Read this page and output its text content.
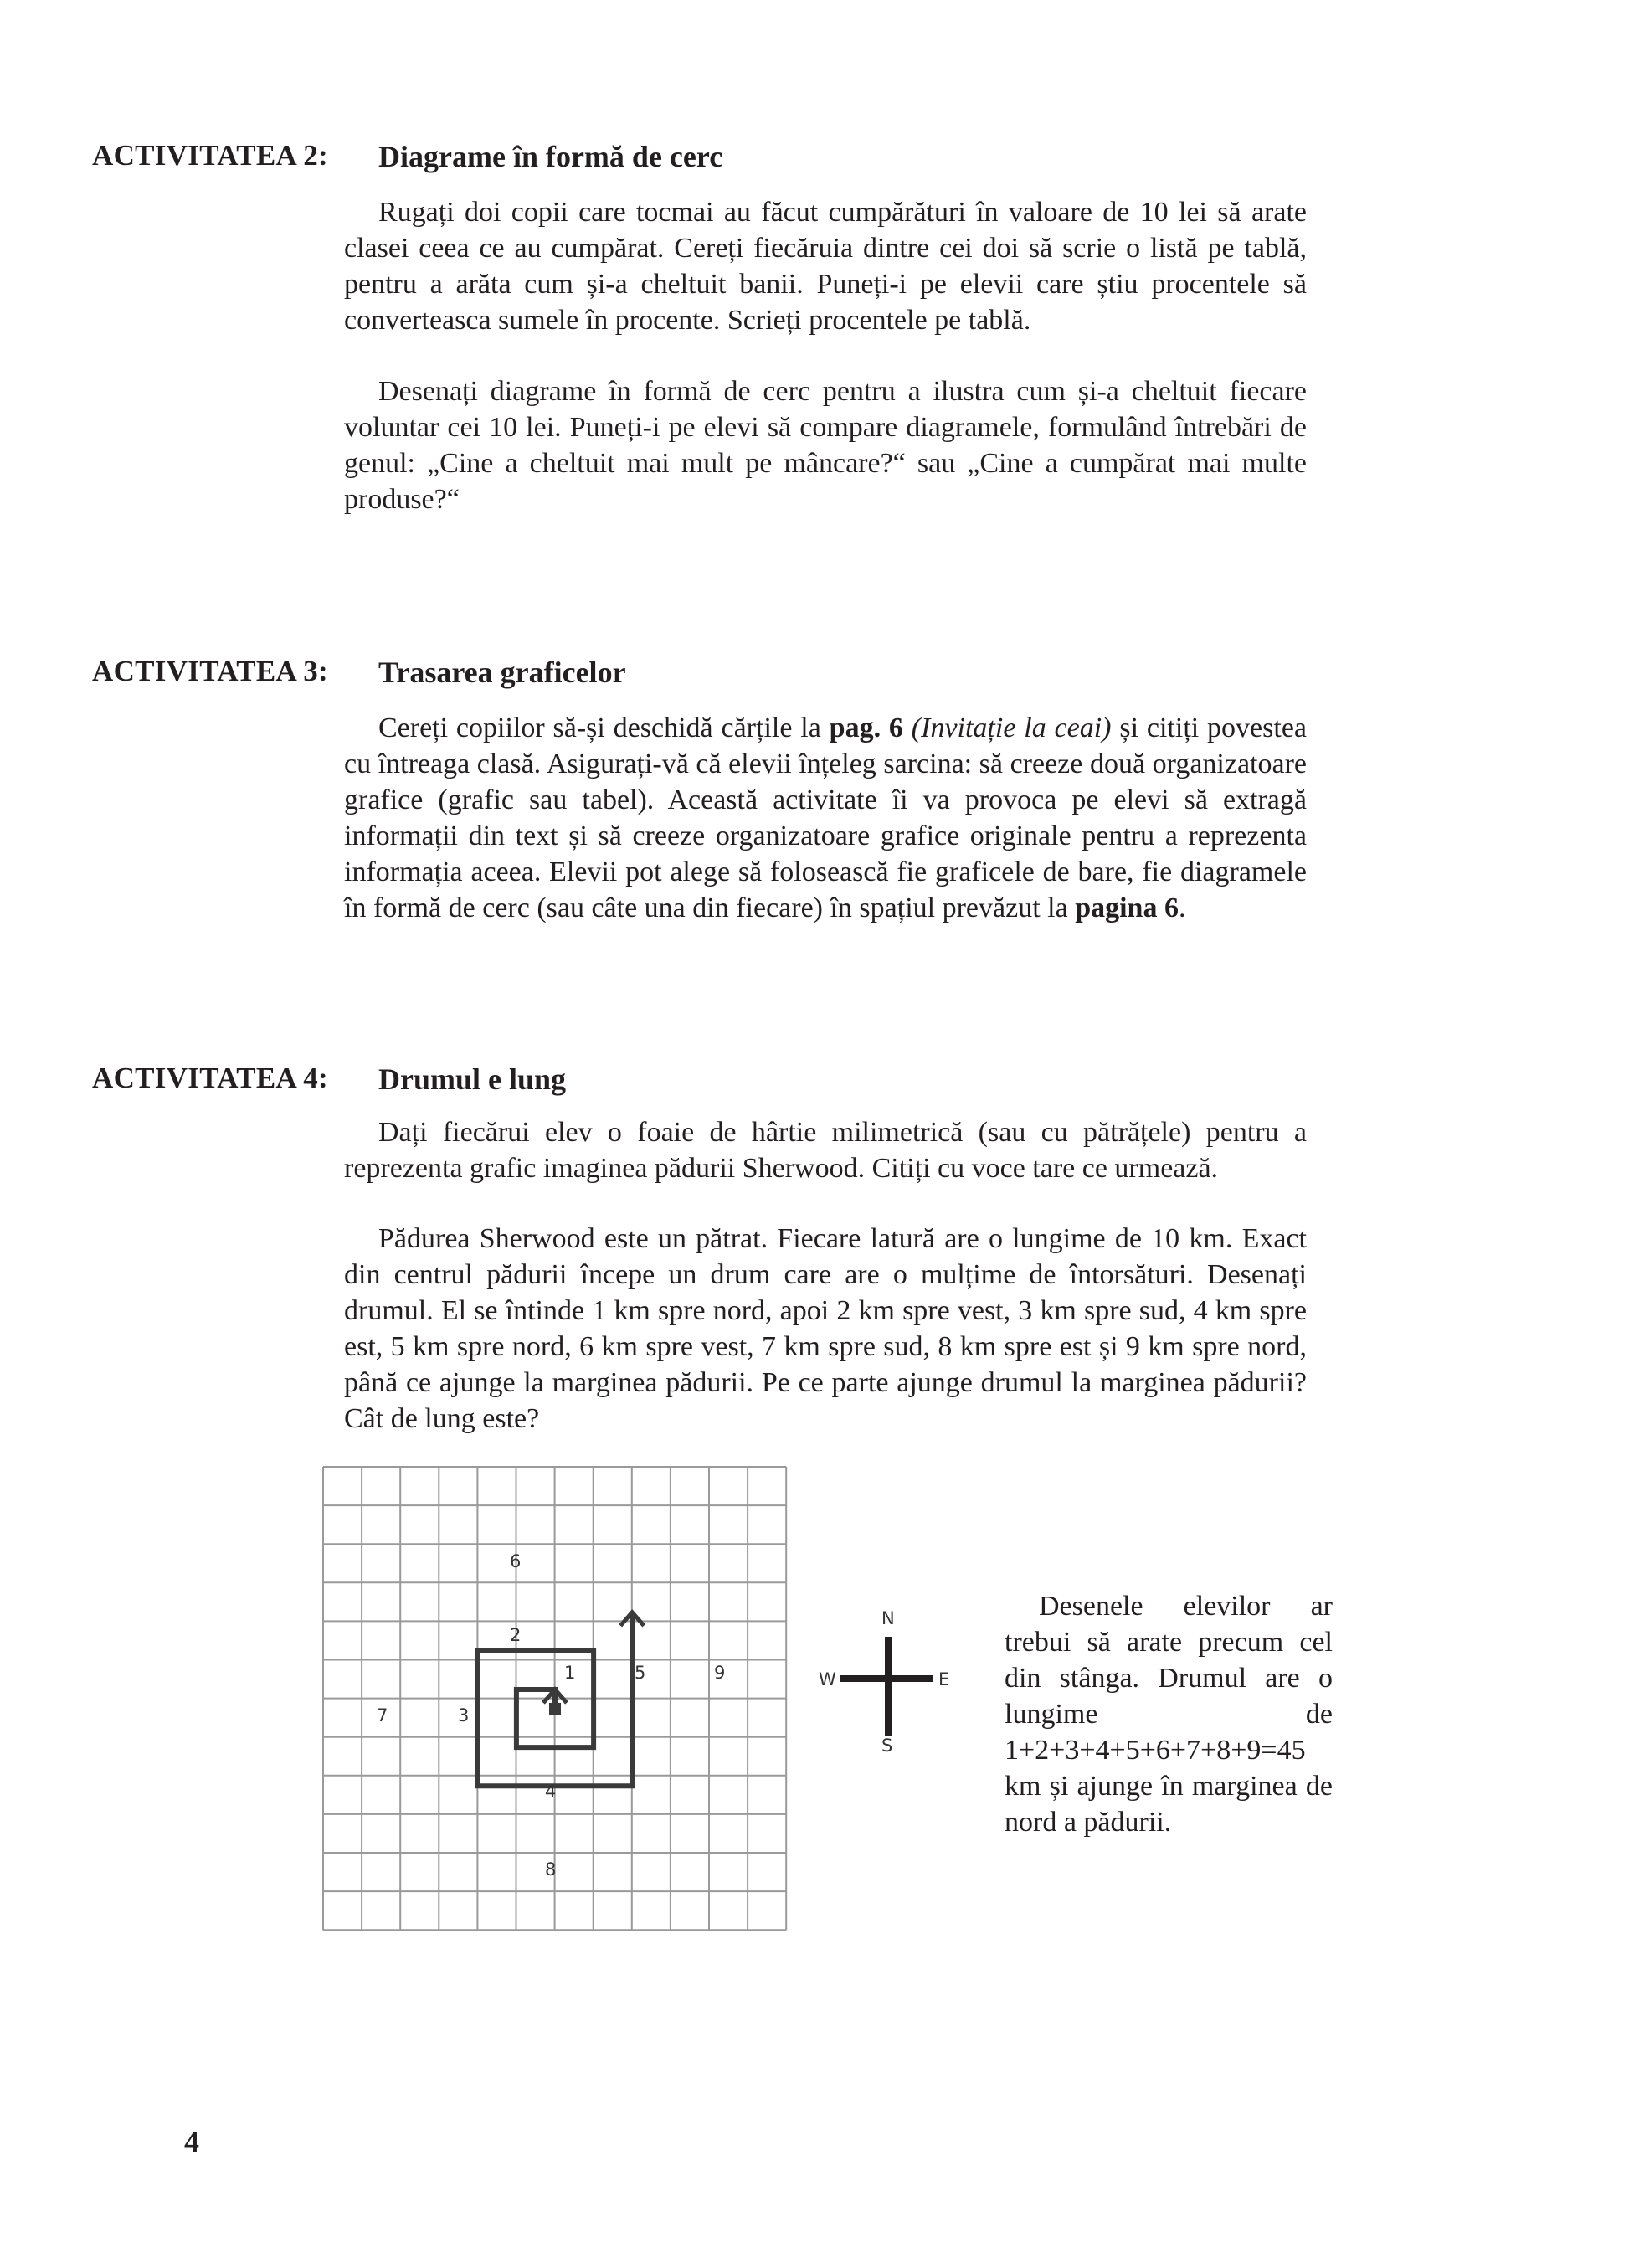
ACTIVITATEA 2: Diagrame în formă de cerc

Rugați doi copii care tocmai au făcut cumpărături în valoare de 10 lei să arate clasei ceea ce au cumpărat. Cereți fiecăruia dintre cei doi să scrie o listă pe tablă, pentru a arăta cum și-a cheltuit banii. Puneți-i pe elevii care știu procentele să converteasca sumele în procente. Scrieți procentele pe tablă.

Desenați diagrame în formă de cerc pentru a ilustra cum și-a cheltuit fiecare voluntar cei 10 lei. Puneți-i pe elevi să compare diagramele, formulând întrebări de genul: „Cine a cheltuit mai mult pe mâncare?“ sau „Cine a cumpărat mai multe produse?“

ACTIVITATEA 3: Trasarea graficelor

Cereți copiilor să-și deschidă cărțile la pag. 6 (Invitație la ceai) și citiți povestea cu întreaga clasă. Asigurați-vă că elevii înțeleg sarcina: să creeze două organizatoare grafice (grafic sau tabel). Această activitate îi va provoca pe elevi să extragă informații din text și să creeze organizatoare grafice originale pentru a reprezenta informația aceea. Elevii pot alege să folosească fie graficele de bare, fie diagramele în formă de cerc (sau câte una din fiecare) în spațiul prevăzut la pagina 6.

ACTIVITATEA 4: Drumul e lung

Dați fiecărui elev o foaie de hârtie milimetrică (sau cu pătrățele) pentru a reprezenta grafic imaginea pădurii Sherwood. Citiți cu voce tare ce urmează.

Pădurea Sherwood este un pătrat. Fiecare latură are o lungime de 10 km. Exact din centrul pădurii începe un drum care are o mulțime de întorsături. Desenați drumul. El se întinde 1 km spre nord, apoi 2 km spre vest, 3 km spre sud, 4 km spre est, 5 km spre nord, 6 km spre vest, 7 km spre sud, 8 km spre est și 9 km spre nord, până ce ajunge la marginea pădurii. Pe ce parte ajunge drumul la marginea pădurii? Cât de lung este?

1
2
3
4
5
6
7
8
9
N
S
W	E

Desenele elevilor ar trebui să arate precum cel din stânga. Drumul are o lungime de 1+2+3+4+5+6+7+8+9=45 km și ajunge în marginea de nord a pădurii.

4
